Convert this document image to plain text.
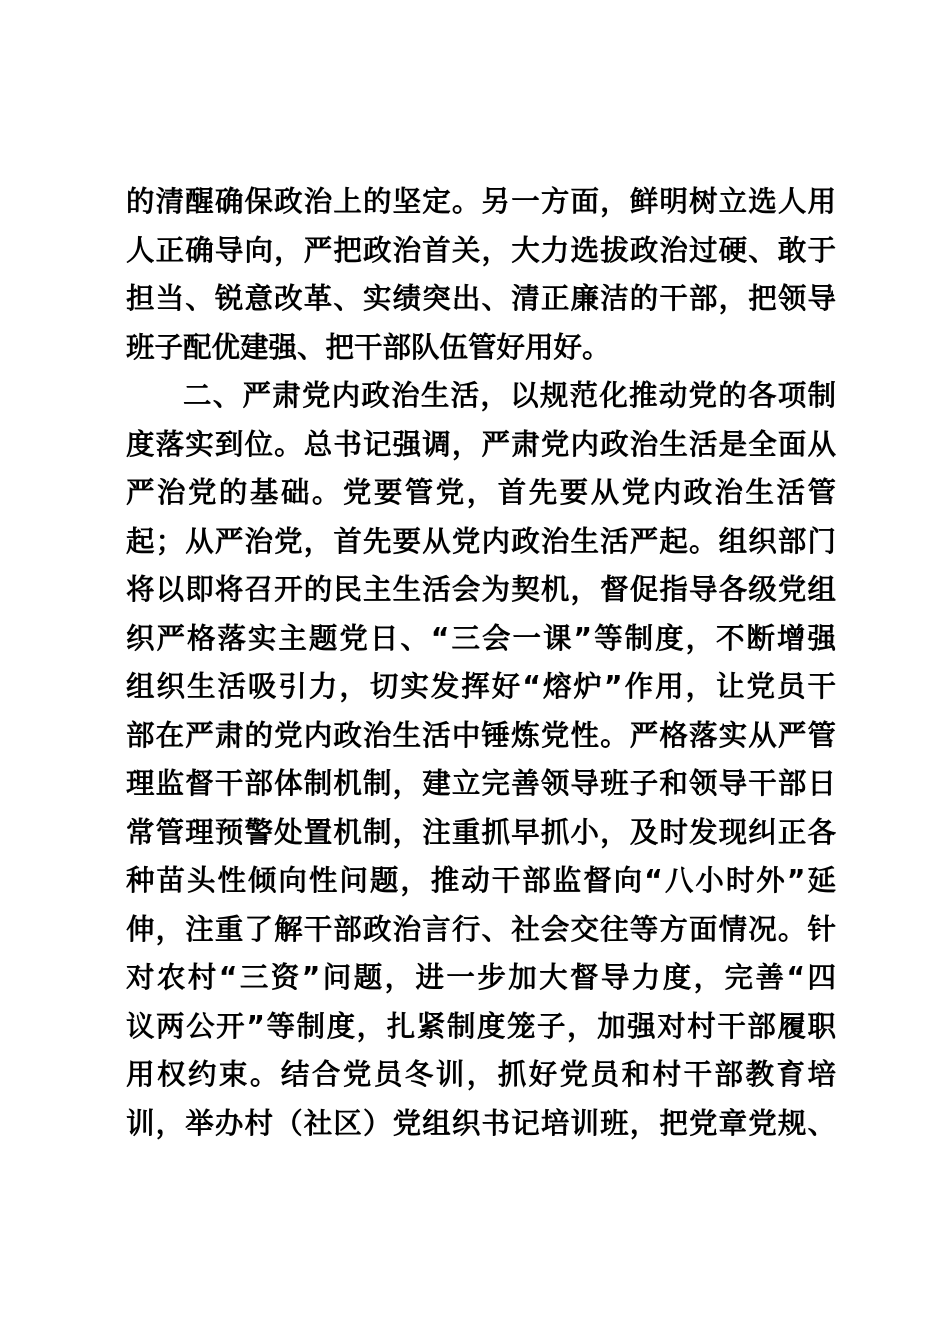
的清醒确保政治上的坚定。另一方面，鲜明树立选人用
人正确导向，严把政治首关，大力选拔政治过硬、敢于
担当、锐意改革、实绩突出、清正廉洁的干部，把领导
班子配优建强、把干部队伍管好用好。
二、严肃党内政治生活，以规范化推动党的各项制
度落实到位。总书记强调，严肃党内政治生活是全面从
严治党的基础。党要管党，首先要从党内政治生活管
起；从严治党，首先要从党内政治生活严起。组织部门
将以即将召开的民主生活会为契机，督促指导各级党组
织严格落实主题党日、“三会一课”等制度，不断增强
组织生活吸引力，切实发挥好“熔炉”作用，让党员干
部在严肃的党内政治生活中锤炼党性。严格落实从严管
理监督干部体制机制，建立完善领导班子和领导干部日
常管理预警处置机制，注重抓早抓小，及时发现纠正各
种苗头性倾向性问题，推动干部监督向“八小时外”延
伸，注重了解干部政治言行、社会交往等方面情况。针
对农村“三资”问题，进一步加大督导力度，完善“四
议两公开”等制度，扎紧制度笼子，加强对村干部履职
用权约束。结合党员冬训，抓好党员和村干部教育培
训，举办村（社区）党组织书记培训班，把党章党规、
